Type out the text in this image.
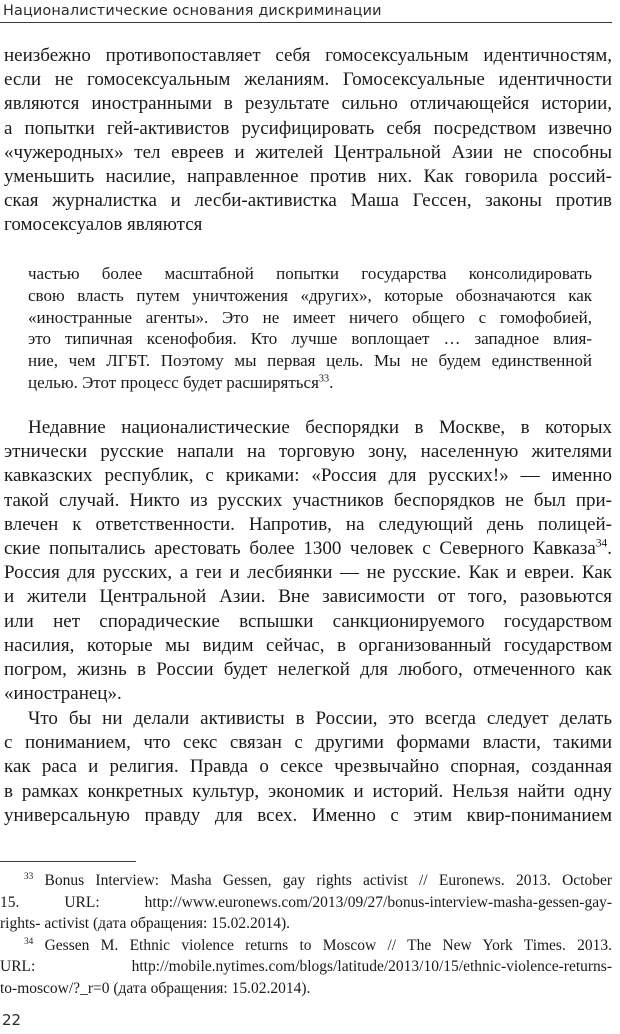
Националистические основания дискриминации
неизбежно противопоставляет себя гомосексуальным идентичностям,
если не гомосексуальным желаниям. Гомосексуальные идентичности
являются иностранными в результате сильно отличающейся истории,
а попытки гей-активистов русифицировать себя посредством извечно
«чужеродных» тел евреев и жителей Центральной Азии не способны
уменьшить насилие, направленное против них. Как говорила россий-
ская журналистка и лесби-активистка Маша Гессен, законы против
гомосексуалов являются
частью более масштабной попытки государства консолидировать
свою власть путем уничтожения «других», которые обозначаются как
«иностранные агенты». Это не имеет ничего общего с гомофобией,
это типичная ксенофобия. Кто лучше воплощает … западное влия-
ние, чем ЛГБТ. Поэтому мы первая цель. Мы не будем единственной
целью. Этот процесс будет расширяться$^{33}$.
Недавние националистические беспорядки в Москве, в которых
этнически русские напали на торговую зону, населенную жителями
кавказских республик, с криками: «Россия для русских!» — именно
такой случай. Никто из русских участников беспорядков не был при-
влечен к ответственности. Напротив, на следующий день полицей-
ские попытались арестовать более 1300 человек с Северного Кавказа$^{34}$.
Россия для русских, а геи и лесбиянки — не русские. Как и евреи. Как
и жители Центральной Азии. Вне зависимости от того, разовьются
или нет спорадические вспышки санкционируемого государством
насилия, которые мы видим сейчас, в организованный государством
погром, жизнь в России будет нелегкой для любого, отмеченного как
«иностранец».
Что бы ни делали активисты в России, это всегда следует делать
с пониманием, что секс связан с другими формами власти, такими
как раса и религия. Правда о сексе чрезвычайно спорная, созданная
в рамках конкретных культур, экономик и историй. Нельзя найти одну
универсальную правду для всех. Именно с этим квир-пониманием
$^{33}$ Bonus Interview: Masha Gessen, gay rights activist // Euronews. 2013. October
15. URL: http://www.euronews.com/2013/09/27/bonus-interview-masha-gessen-gay-
rights- activist (дата обращения: 15.02.2014).
$^{34}$ Gessen M. Ethnic violence returns to Moscow // The New York Times. 2013.
URL: http://mobile.nytimes.com/blogs/latitude/2013/10/15/ethnic-violence-returns-
to-moscow/?_r=0 (дата обращения: 15.02.2014).
22
